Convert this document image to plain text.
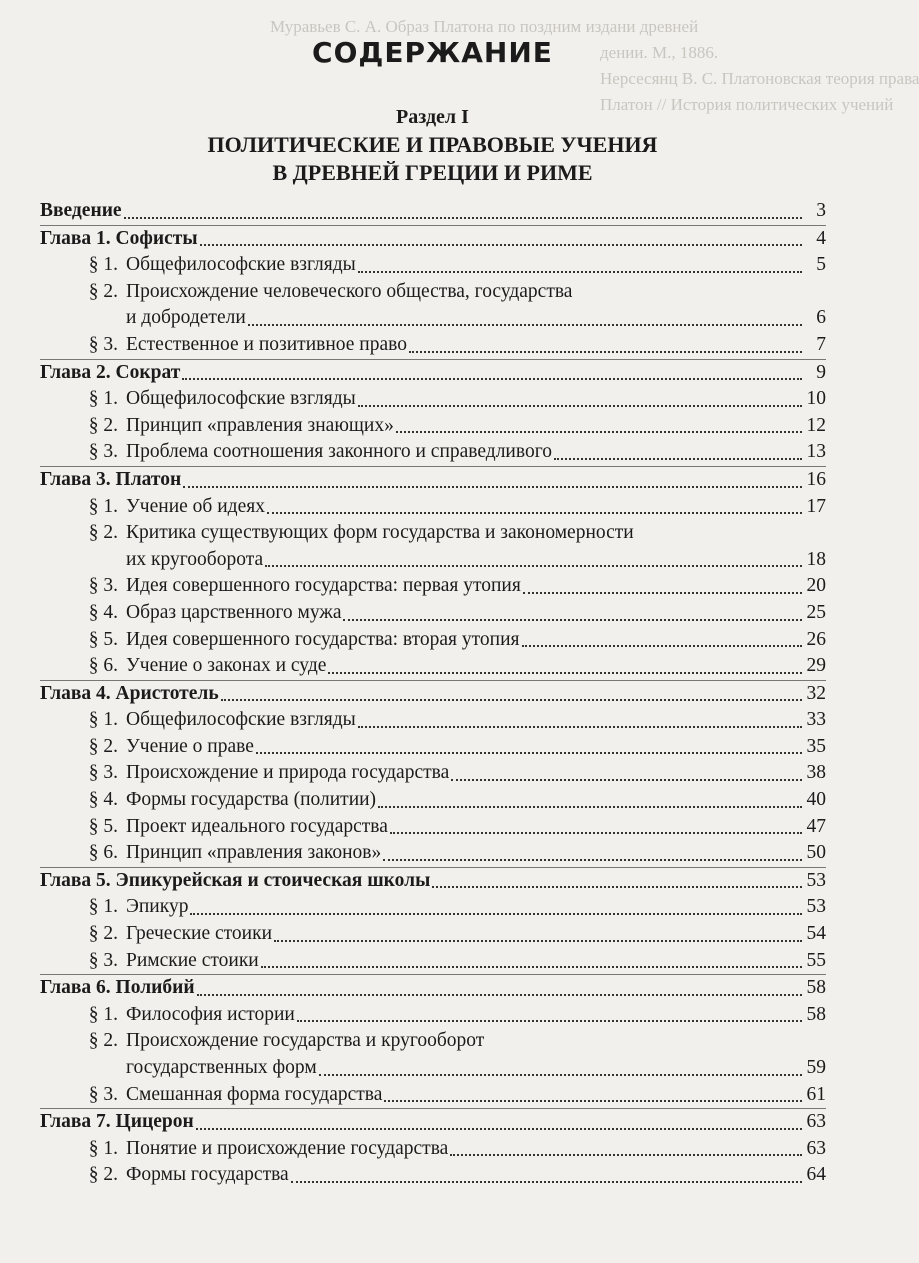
Муравьев С. А. Образ Платона по поздним издани древней
дении. М., 1886.
Нерсесянц В. С. Платоновская теория права
Платон // История политических учений
СОДЕРЖАНИЕ
Раздел I
ПОЛИТИЧЕСКИЕ И ПРАВОВЫЕ УЧЕНИЯ
В ДРЕВНЕЙ ГРЕЦИИ И РИМЕ
Введение	3
Глава 1. Софисты	4
§ 1. Общефилософские взгляды	5
§ 2. Происхождение человеческого общества, государства
и добродетели	6
§ 3. Естественное и позитивное право	7
Глава 2. Сократ	9
§ 1. Общефилософские взгляды	10
§ 2. Принцип «правления знающих»	12
§ 3. Проблема соотношения законного и справедливого	13
Глава 3. Платон	16
§ 1. Учение об идеях	17
§ 2. Критика существующих форм государства и закономерности
их кругооборота	18
§ 3. Идея совершенного государства: первая утопия	20
§ 4. Образ царственного мужа	25
§ 5. Идея совершенного государства: вторая утопия	26
§ 6. Учение о законах и суде	29
Глава 4. Аристотель	32
§ 1. Общефилософские взгляды	33
§ 2. Учение о праве	35
§ 3. Происхождение и природа государства	38
§ 4. Формы государства (политии)	40
§ 5. Проект идеального государства	47
§ 6. Принцип «правления законов»	50
Глава 5. Эпикурейская и стоическая школы	53
§ 1. Эпикур	53
§ 2. Греческие стоики	54
§ 3. Римские стоики	55
Глава 6. Полибий	58
§ 1. Философия истории	58
§ 2. Происхождение государства и кругооборот
государственных форм	59
§ 3. Смешанная форма государства	61
Глава 7. Цицерон	63
§ 1. Понятие и происхождение государства	63
§ 2. Формы государства	64
